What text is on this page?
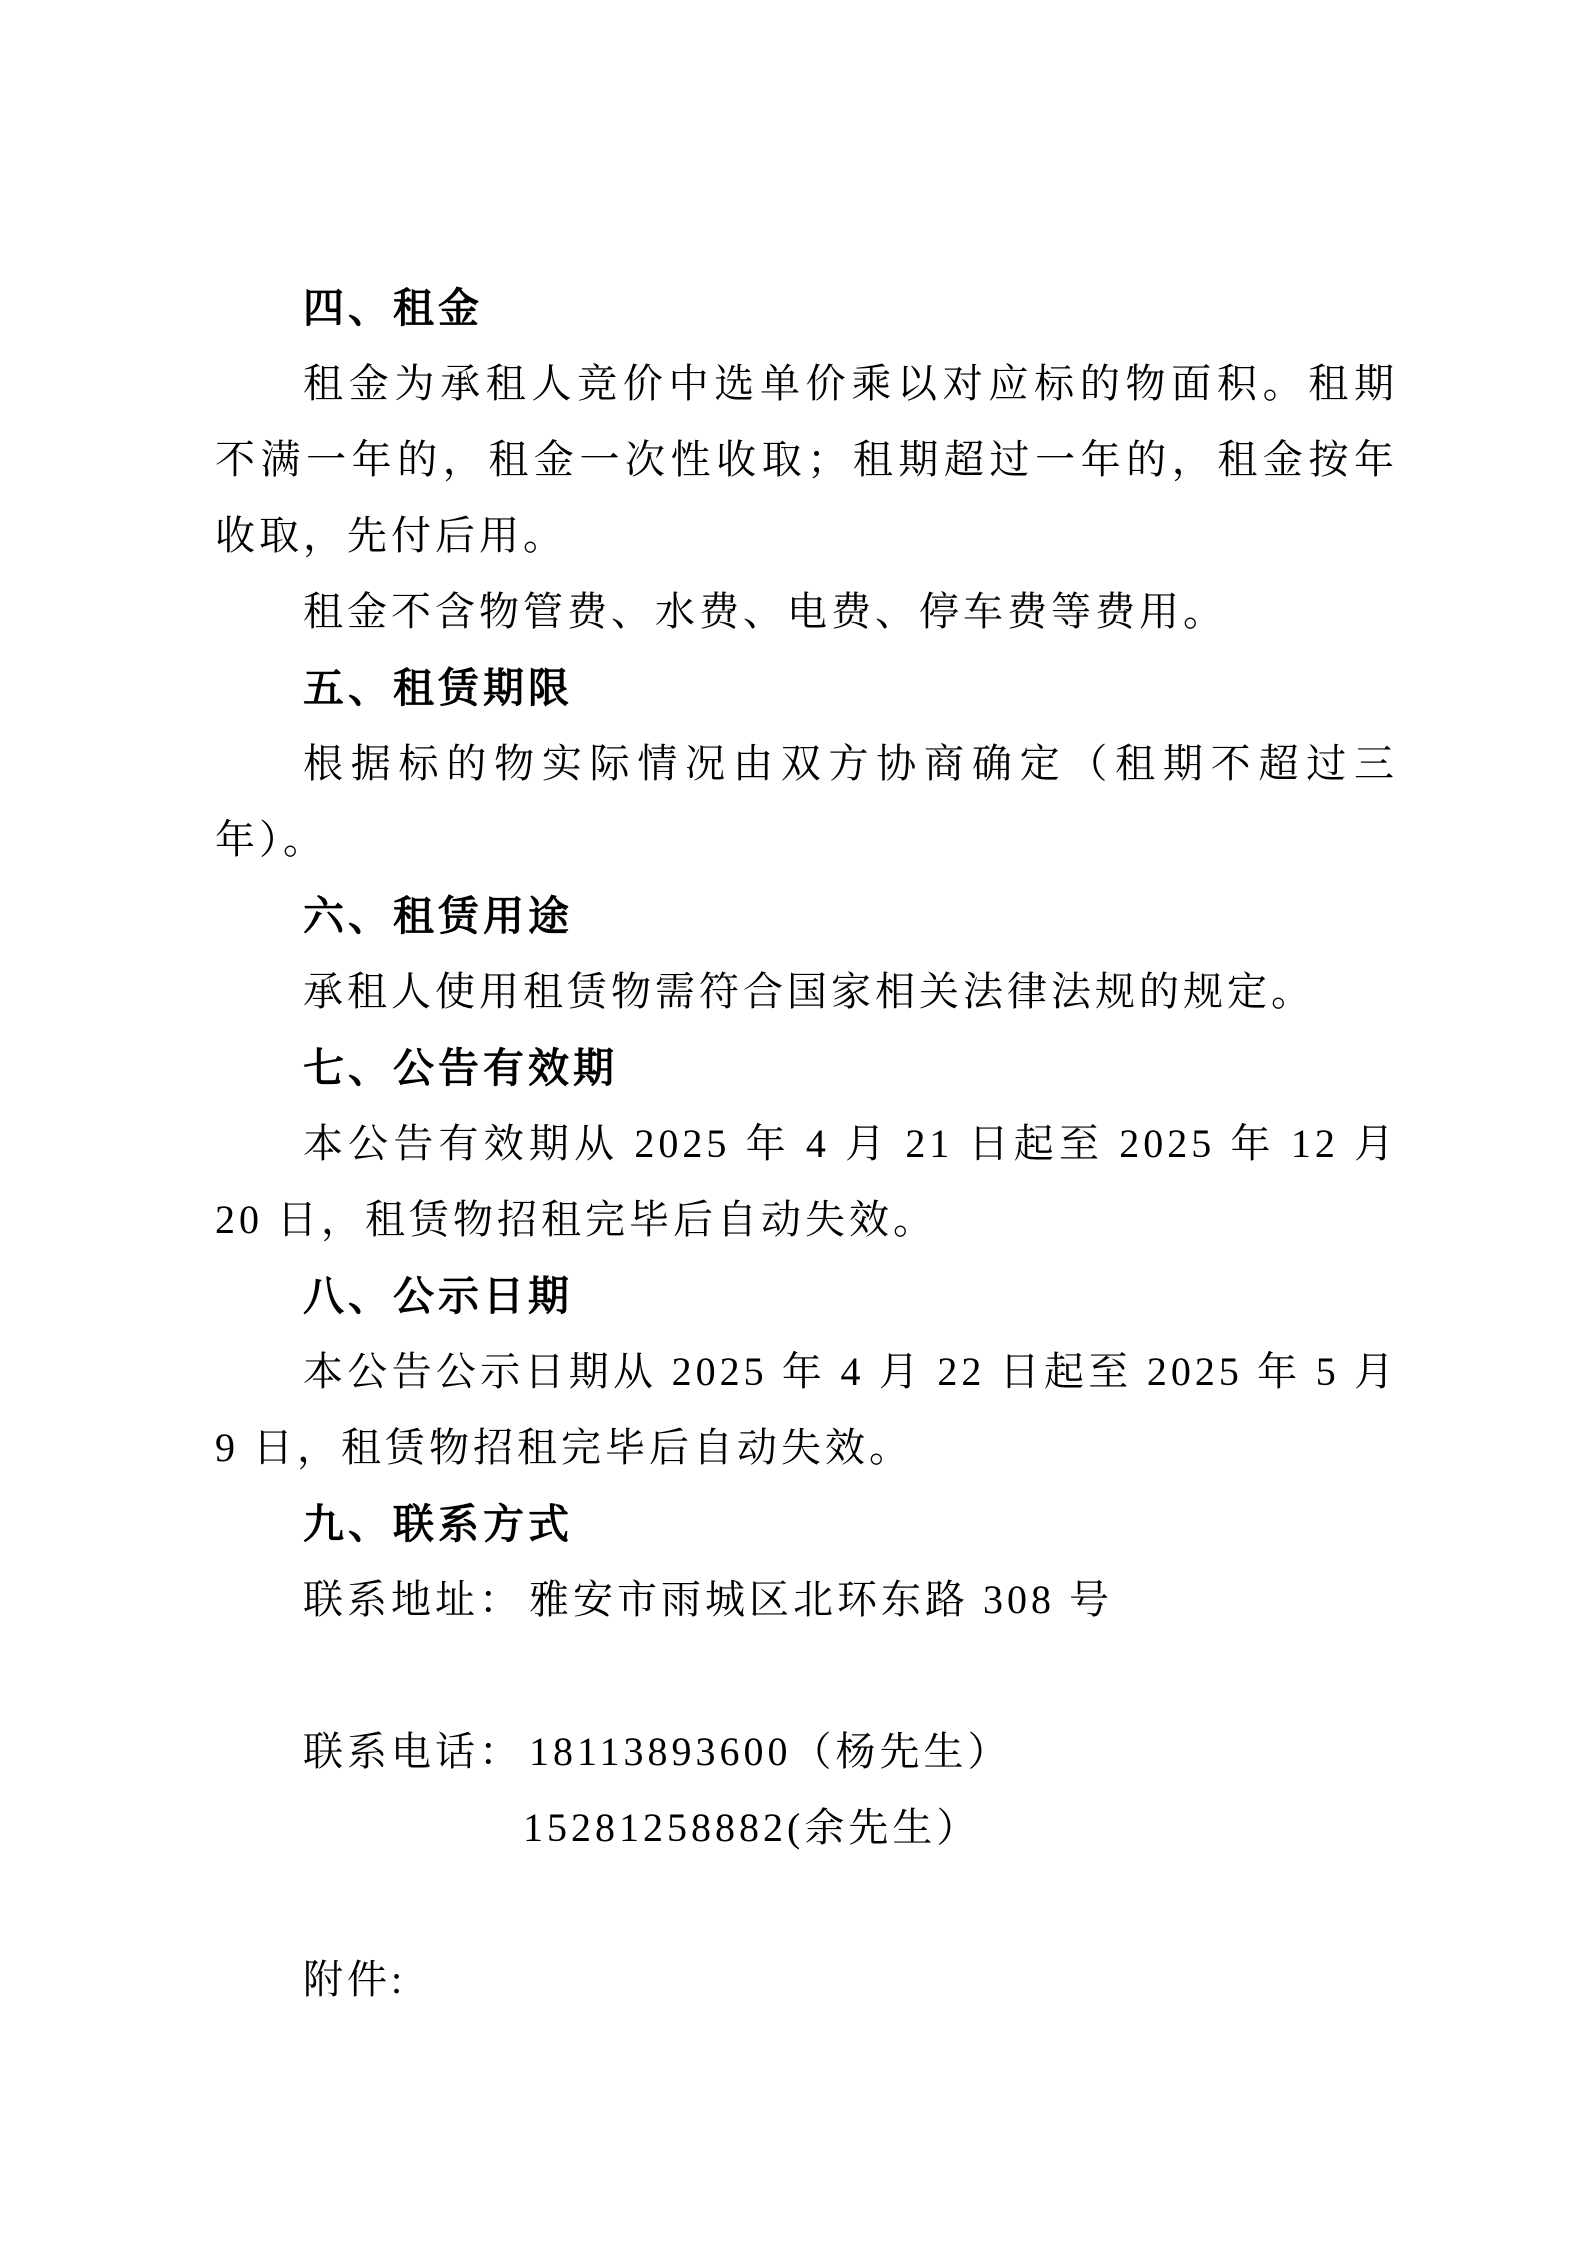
四、租金

租金为承租人竞价中选单价乘以对应标的物面积。租期不满一年的，租金一次性收取；租期超过一年的，租金按年收取，先付后用。

租金不含物管费、水费、电费、停车费等费用。

五、租赁期限

根据标的物实际情况由双方协商确定（租期不超过三年）。

六、租赁用途

承租人使用租赁物需符合国家相关法律法规的规定。

七、公告有效期

本公告有效期从 2025 年 4 月 21 日起至 2025 年 12 月 20 日，租赁物招租完毕后自动失效。

八、公示日期

本公告公示日期从 2025 年 4 月 22 日起至 2025 年 5 月 9 日，租赁物招租完毕后自动失效。

九、联系方式

联系地址： 雅安市雨城区北环东路 308 号

联系电话： 18113893600（杨先生）

15281258882(余先生）

附件:
